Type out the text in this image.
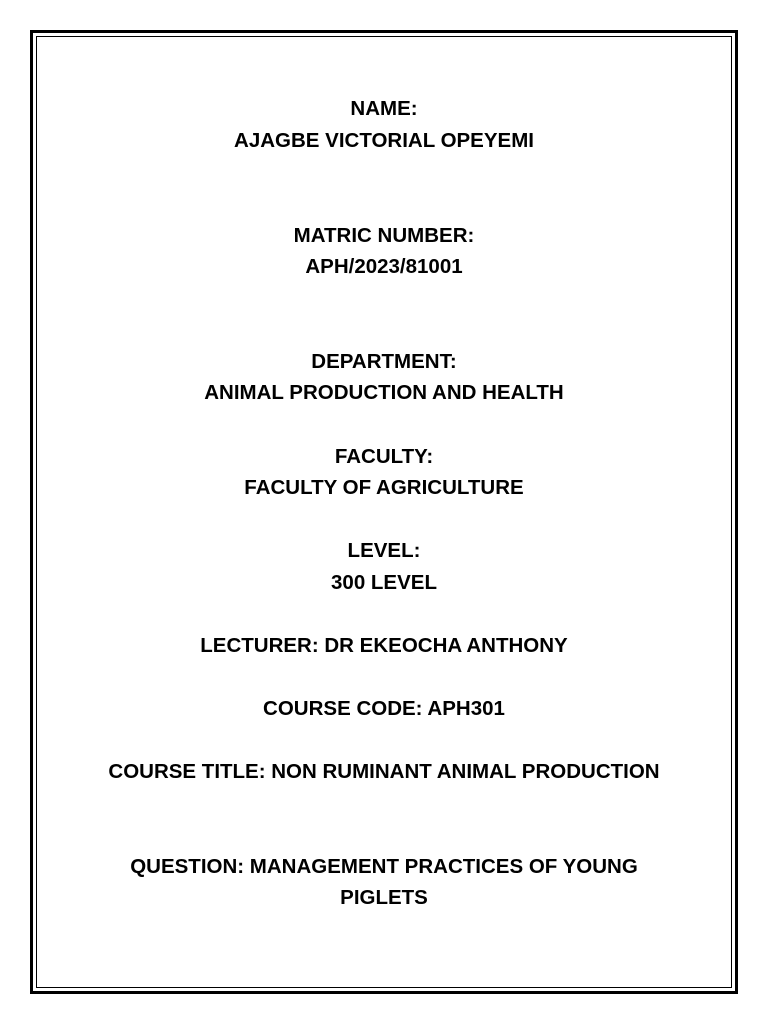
NAME:
AJAGBE VICTORIAL OPEYEMI
MATRIC NUMBER:
APH/2023/81001
DEPARTMENT:
ANIMAL PRODUCTION AND HEALTH
FACULTY:
FACULTY OF AGRICULTURE
LEVEL:
300 LEVEL
LECTURER: DR EKEOCHA ANTHONY
COURSE CODE: APH301
COURSE TITLE: NON RUMINANT ANIMAL PRODUCTION
QUESTION: MANAGEMENT PRACTICES OF YOUNG
PIGLETS
